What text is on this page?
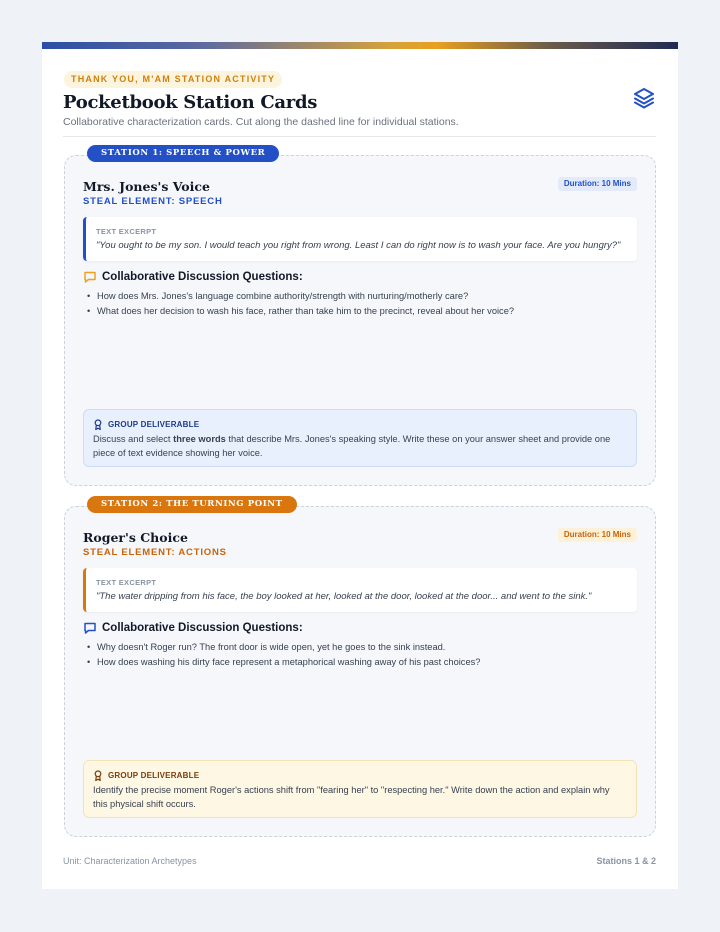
THANK YOU, M'AM STATION ACTIVITY
Pocketbook Station Cards
Collaborative characterization cards. Cut along the dashed line for individual stations.
STATION 1: SPEECH & POWER
Mrs. Jones's Voice
STEAL ELEMENT: SPEECH
Duration: 10 Mins
TEXT EXCERPT
"You ought to be my son. I would teach you right from wrong. Least I can do right now is to wash your face. Are you hungry?"
Collaborative Discussion Questions:
• How does Mrs. Jones's language combine authority/strength with nurturing/motherly care?
• What does her decision to wash his face, rather than take him to the precinct, reveal about her voice?
GROUP DELIVERABLE
Discuss and select three words that describe Mrs. Jones's speaking style. Write these on your answer sheet and provide one piece of text evidence showing her voice.
STATION 2: THE TURNING POINT
Roger's Choice
STEAL ELEMENT: ACTIONS
Duration: 10 Mins
TEXT EXCERPT
"The water dripping from his face, the boy looked at her, looked at the door, looked at the door... and went to the sink."
Collaborative Discussion Questions:
• Why doesn't Roger run? The front door is wide open, yet he goes to the sink instead.
• How does washing his dirty face represent a metaphorical washing away of his past choices?
GROUP DELIVERABLE
Identify the precise moment Roger's actions shift from "fearing her" to "respecting her." Write down the action and explain why this physical shift occurs.
Unit: Characterization Archetypes	Stations 1 & 2
